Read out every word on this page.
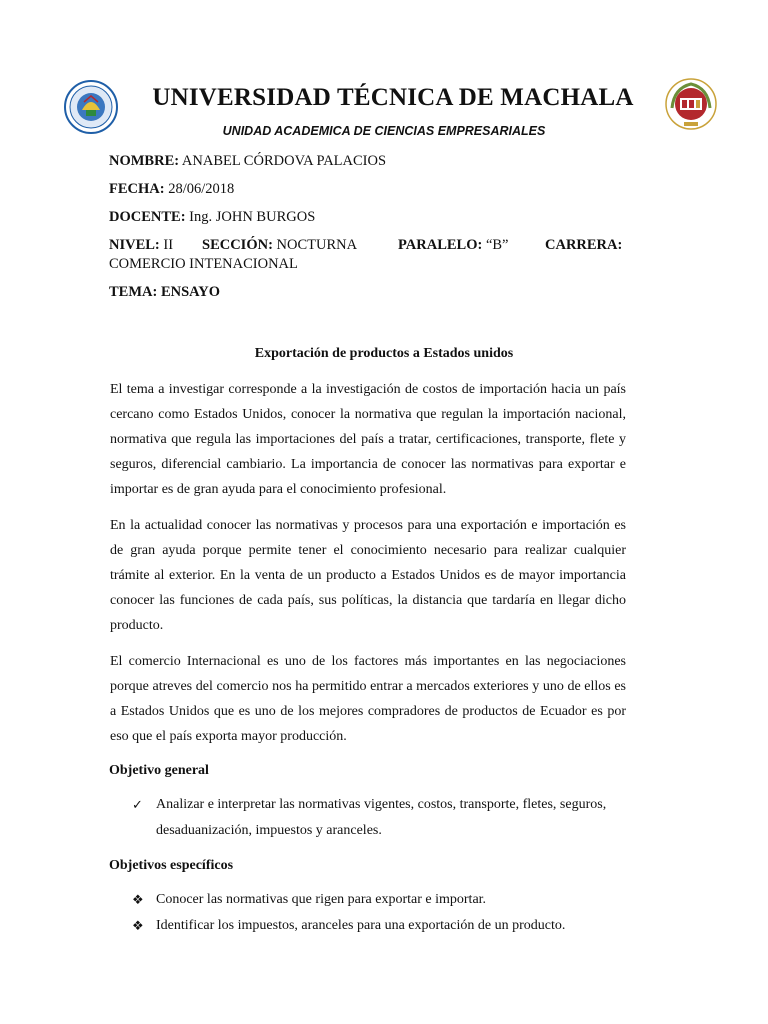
UNIVERSIDAD TÉCNICA DE MACHALA
UNIDAD ACADEMICA DE CIENCIAS EMPRESARIALES
NOMBRE: ANABEL CÓRDOVA PALACIOS
FECHA: 28/06/2018
DOCENTE: Ing. JOHN BURGOS
NIVEL: II SECCIÓN: NOCTURNA	PARALELO: “B”	CARRERA:
COMERCIO INTENACIONAL
TEMA: ENSAYO
Exportación de productos a Estados unidos

El tema a investigar corresponde a la investigación de costos de importación hacia un país cercano como Estados Unidos, conocer la normativa que regulan la importación nacional, normativa que regula las importaciones del país a tratar, certificaciones, transporte, flete y seguros, diferencial cambiario. La importancia de conocer las normativas para exportar e importar es de gran ayuda para el conocimiento profesional.

En la actualidad conocer las normativas y procesos para una exportación e importación es de gran ayuda porque permite tener el conocimiento necesario para realizar cualquier trámite al exterior. En la venta de un producto a Estados Unidos es de mayor importancia conocer las funciones de cada país, sus políticas, la distancia que tardaría en llegar dicho producto.

El comercio Internacional es uno de los factores más importantes en las negociaciones porque atreves del comercio nos ha permitido entrar a mercados exteriores y uno de ellos es a Estados Unidos que es uno de los mejores compradores de productos de Ecuador es por eso que el país exporta mayor producción.

Objetivo general
✓ Analizar e interpretar las normativas vigentes, costos, transporte, fletes, seguros, desaduanización, impuestos y aranceles.
Objetivos específicos
❖ Conocer las normativas que rigen para exportar e importar.
❖ Identificar los impuestos, aranceles para una exportación de un producto.
